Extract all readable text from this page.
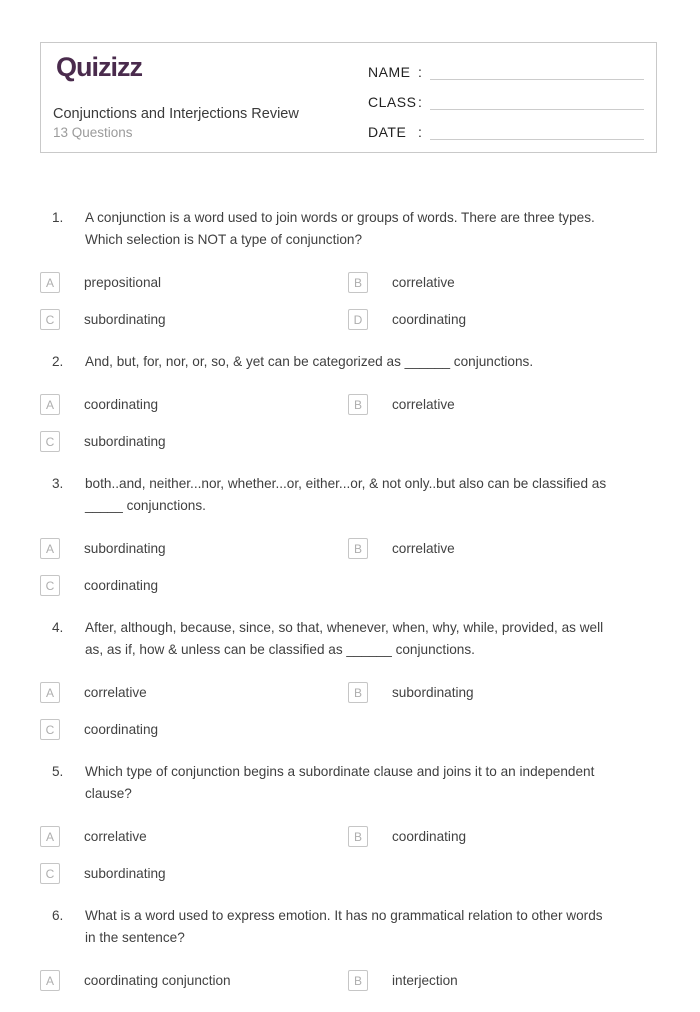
Quizizz
Conjunctions and Interjections Review
13 Questions
NAME :
CLASS :
DATE :
1.	A conjunction is a word used to join words or groups of words. There are three types.
Which selection is NOT a type of conjunction?
A	prepositional	B	correlative
C	subordinating	D	coordinating
2.	And, but, for, nor, or, so, & yet can be categorized as ______ conjunctions.
A	coordinating	B	correlative
C	subordinating
3.	both..and, neither...nor, whether...or, either...or, & not only..but also can be classified as
_____ conjunctions.
A	subordinating	B	correlative
C	coordinating
4.	After, although, because, since, so that, whenever, when, why, while, provided, as well
as, as if, how & unless can be classified as ______ conjunctions.
A	correlative	B	subordinating
C	coordinating
5.	Which type of conjunction begins a subordinate clause and joins it to an independent
clause?
A	correlative	B	coordinating
C	subordinating
6.	What is a word used to express emotion. It has no grammatical relation to other words
in the sentence?
A	coordinating conjunction	B	interjection
